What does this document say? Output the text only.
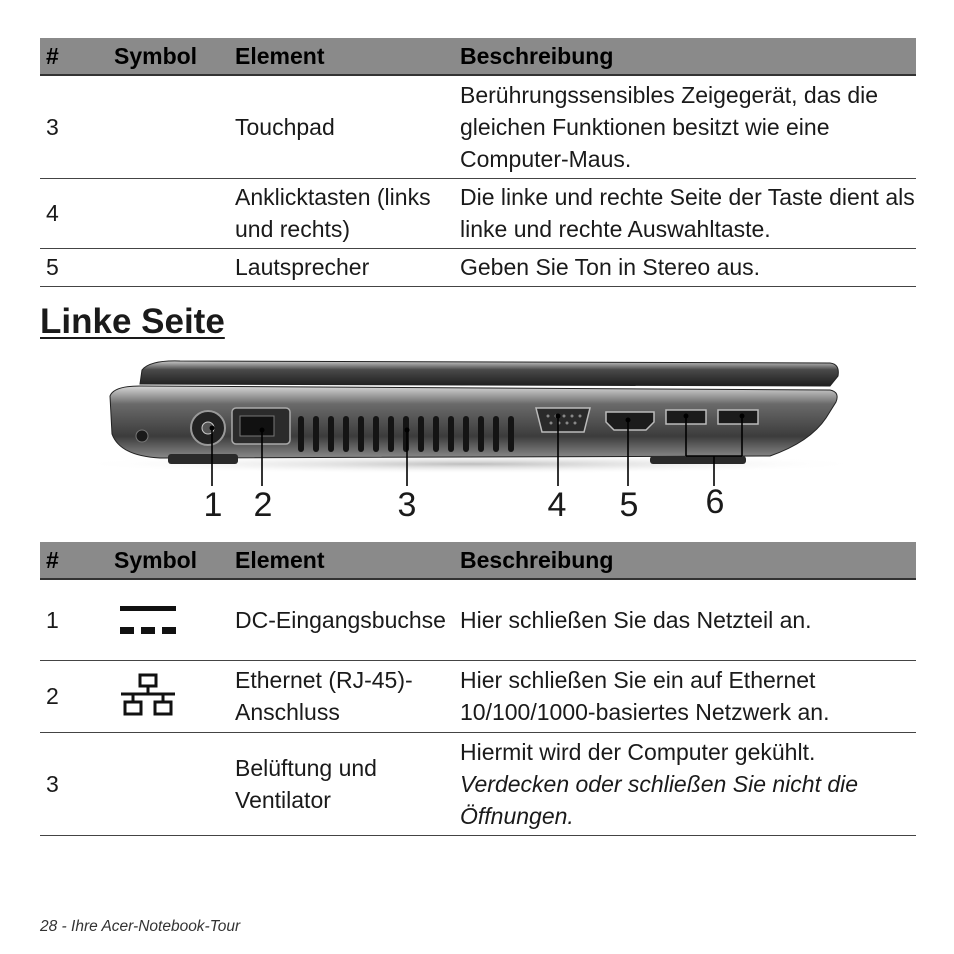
#	Symbol	Element	Beschreibung
3		Touchpad	Berührungssensibles Zeigegerät, das die gleichen Funktionen besitzt wie eine Computer-Maus.
4		Anklicktasten (links und rechts)	Die linke und rechte Seite der Taste dient als linke und rechte Auswahltaste.
5		Lautsprecher	Geben Sie Ton in Stereo aus.
Linke Seite
1 2	3	4 5 6
#	Symbol	Element	Beschreibung
1		DC-Eingangsbuchse	Hier schließen Sie das Netzteil an.
2		Ethernet (RJ-45)-Anschluss	Hier schließen Sie ein auf Ethernet 10/100/1000-basiertes Netzwerk an.
3		Belüftung und Ventilator	Hiermit wird der Computer gekühlt.
Verdecken oder schließen Sie nicht die Öffnungen.
28 - Ihre Acer-Notebook-Tour
